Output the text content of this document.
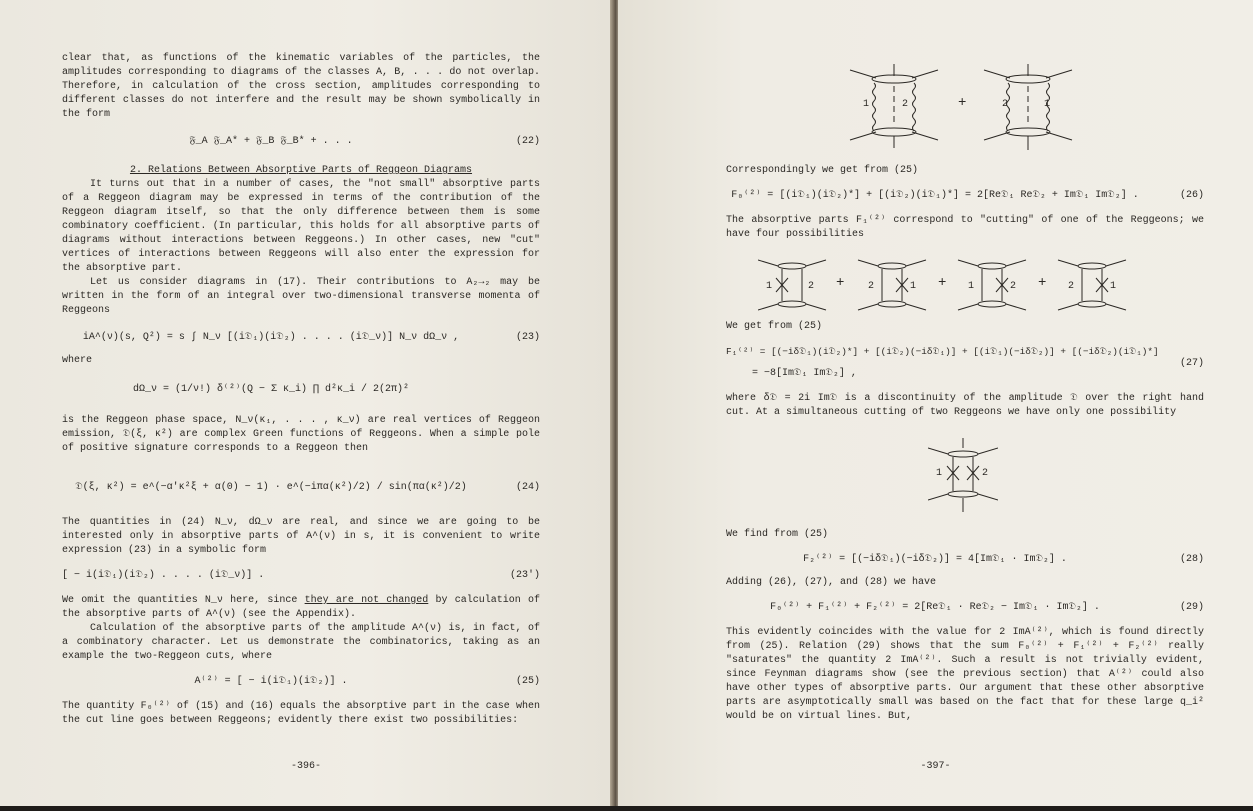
clear that, as functions of the kinematic variables of the particles, the amplitudes corresponding to diagrams of the classes A, B, . . . do not overlap. Therefore, in calculation of the cross section, amplitudes corresponding to different classes do not interfere and the result may be shown symbolically in the form

𝔉_A 𝔉_A* + 𝔉_B 𝔉_B* + . . .	(22)

2. Relations Between Absorptive Parts of Reggeon Diagrams

It turns out that in a number of cases, the "not small" absorptive parts of a Reggeon diagram may be expressed in terms of the contribution of the Reggeon diagram itself, so that the only difference between them is some combinatory coefficient. (In particular, this holds for all absorptive parts of diagrams without interactions between Reggeons.) In other cases, new "cut" vertices of interactions between Reggeons will also enter the expression for the absorptive part.

Let us consider diagrams in (17). Their contributions to A₂→₂ may be written in the form of an integral over two-dimensional transverse momenta of Reggeons

iA^(ν)(s, Q²) = s ∫ N_ν [(i𝔇₁)(i𝔇₂) . . . . (i𝔇_ν)] N_ν dΩ_ν ,	(23)

where

dΩ_ν = (1/ν!) δ⁽²⁾(Q − Σ κ_i) ∏ d²κ_i / 2(2π)²

is the Reggeon phase space, N_ν(κ₁, . . . , κ_ν) are real vertices of Reggeon emission, 𝔇(ξ, κ²) are complex Green functions of Reggeons. When a simple pole of positive signature corresponds to a Reggeon then

𝔇(ξ, κ²) = e^(−α′κ²ξ + α(0) − 1) · e^(−iπα(κ²)/2) / sin(πα(κ²)/2)	(24)

The quantities in (24) N_ν, dΩ_ν are real, and since we are going to be interested only in absorptive parts of A^(ν) in s, it is convenient to write expression (23) in a symbolic form

[ − i(i𝔇₁)(i𝔇₂) . . . . (i𝔇_ν)] .	(23')

We omit the quantities N_ν here, since they are not changed by calculation of the absorptive parts of A^(ν) (see the Appendix).

Calculation of the absorptive parts of the amplitude A^(ν) is, in fact, of a combinatory character. Let us demonstrate the combinatorics, taking as an example the two-Reggeon cuts, where

A⁽²⁾ = [ − i(i𝔇₁)(i𝔇₂)] .	(25)

The quantity F₀⁽²⁾ of (15) and (16) equals the absorptive part in the case when the cut line goes between Reggeons; evidently there exist two possibilities:

-396-
1	2	+	2	1

Correspondingly we get from (25)

F₀⁽²⁾ = [(i𝔇₁)(i𝔇₂)*] + [(i𝔇₂)(i𝔇₁)*] = 2[Re𝔇₁ Re𝔇₂ + Im𝔇₁ Im𝔇₂] .	(26)

The absorptive parts F₁⁽²⁾ correspond to "cutting" of one of the Reggeons; we have four possibilities

1	2 + 2	1 + 1	2 + 2	1

We get from (25)

F₁⁽²⁾ = [(−iδ𝔇₁)(i𝔇₂)*] + [(i𝔇₂)(−iδ𝔇₁)] + [(i𝔇₁)(−iδ𝔇₂)] + [(−iδ𝔇₂)(i𝔇₁)*]
= −8[Im𝔇₁ Im𝔇₂] ,
(27)

where δ𝔇 = 2i Im𝔇 is a discontinuity of the amplitude 𝔇 over the right hand cut. At a simultaneous cutting of two Reggeons we have only one possibility

1	2

We find from (25)

F₂⁽²⁾ = [(−iδ𝔇₁)(−iδ𝔇₂)] = 4[Im𝔇₁ · Im𝔇₂] .	(28)

Adding (26), (27), and (28) we have

F₀⁽²⁾ + F₁⁽²⁾ + F₂⁽²⁾ = 2[Re𝔇₁ · Re𝔇₂ − Im𝔇₁ · Im𝔇₂] .	(29)

This evidently coincides with the value for 2 ImA⁽²⁾, which is found directly from (25). Relation (29) shows that the sum F₀⁽²⁾ + F₁⁽²⁾ + F₂⁽²⁾ really "saturates" the quantity 2 ImA⁽²⁾. Such a result is not trivially evident, since Feynman diagrams show (see the previous section) that A⁽²⁾ could also have other types of absorptive parts. Our argument that these other absorptive parts are asymptotically small was based on the fact that for these large q_i² would be on virtual lines. But,

-397-
